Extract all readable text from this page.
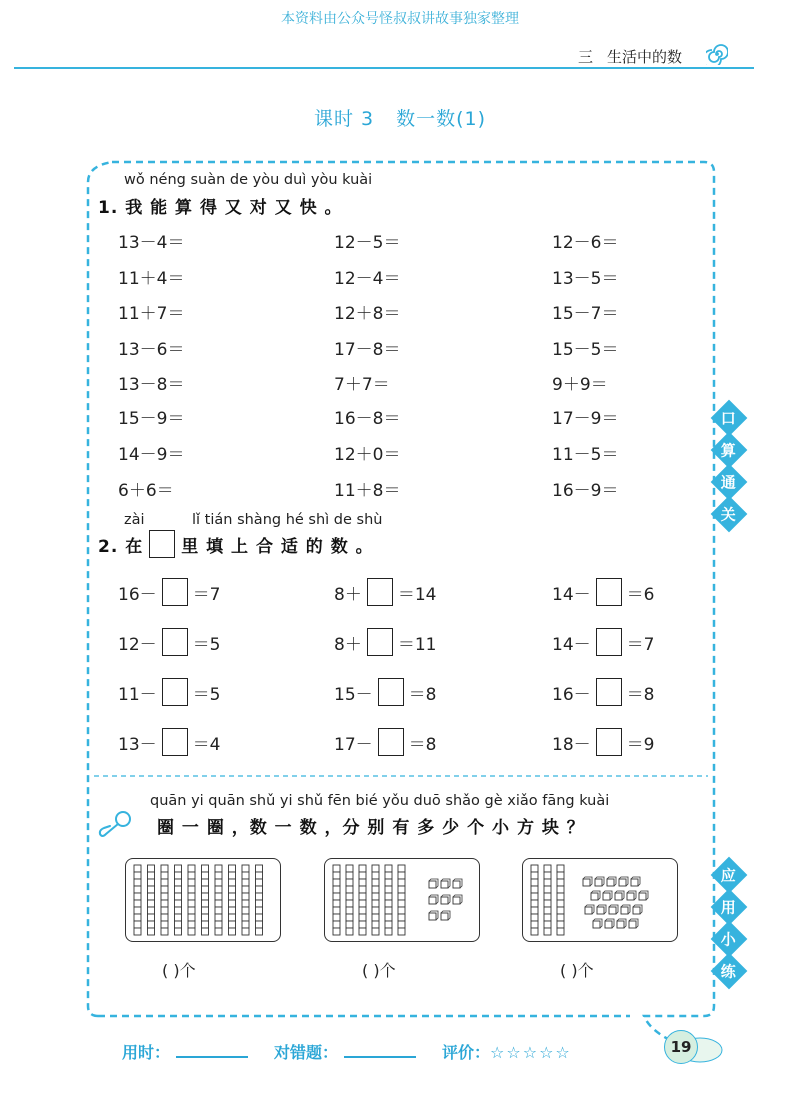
本资料由公众号怪叔叔讲故事独家整理
三 生活中的数
课时 3 数一数(1)
口
算
通
关
应
用
小
练
wǒ néng suàn de yòu duì yòu kuài
1. 我 能 算 得 又 对 又 快 。
13－4＝	12－5＝	12－6＝
11＋4＝	12－4＝	13－5＝
11＋7＝	12＋8＝	15－7＝
13－6＝	17－8＝	15－5＝
13－8＝	7＋7＝	9＋9＝
15－9＝	16－8＝	17－9＝
14－9＝	12＋0＝	11－5＝
6＋6＝	11＋8＝	16－9＝
zài	lǐ tián shàng hé shì de shù
2. 在 里 填 上 合 适 的 数 。
16－ ＝7	8＋ ＝14	14－ ＝6
12－ ＝5	8＋ ＝11	14－ ＝7
11－ ＝5	15－ ＝8	16－ ＝8
13－ ＝4	17－ ＝8	18－ ＝9
quān yi quān shǔ yi shǔ fēn bié yǒu duō shǎo gè xiǎo fāng kuài
圈 一 圈 ，数 一 数 ，分 别 有 多 少 个 小 方 块 ？
( )个	( )个	( )个
用时：	对错题：	评价：☆☆☆☆☆	19
